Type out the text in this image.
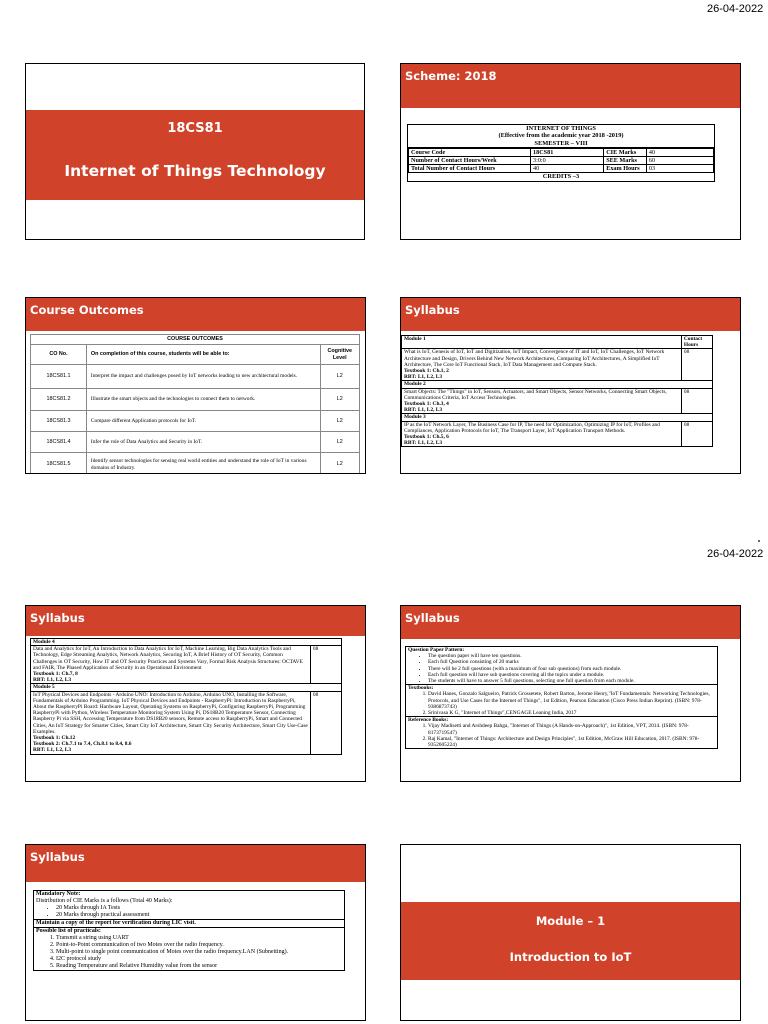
26-04-2022
26-04-2022
18CS81
Internet of Things Technology
Scheme: 2018
INTERNET OF THINGS
(Effective from the academic year 2018 -2019)
SEMESTER – VIII
Course Code	18CS81	CIE Marks	40
Number of Contact Hours/Week	3:0:0	SEE Marks	60
Total Number of Contact Hours	40	Exam Hours	03
CREDITS –3
Course Outcomes
COURSE OUTCOMES		
CO No.	On completion of this course, students will be able to:	Cognitive Level
18CS81.1	Interpret the impact and challenges posed by IoT networks leading to new architectural models.	L2
18CS81.2	Illustrate the smart objects and the technologies to connect them to network.	L2
18CS81.3	Compare different Application protocols for IoT.	L2
18CS81.4	Infer the role of Data Analytics and Security in IoT.	L2
18CS81.5	Identify sensor technologies for sensing real world entities and understand the role of IoT in various domains of Industry.	L2
Syllabus
Module 1	Contact Hours
What is IoT, Genesis of IoT, IoT and Digitization, IoT Impact, Convergence of IT and IoT, IoT Challenges, IoT Network Architecture and Design, Drivers Behind New Network Architectures, Comparing IoT Architectures, A Simplified IoT Architecture, The Core IoT Functional Stack, IoT Data Management and Compute Stack.
Textbook 1: Ch.1, 2
RBT: L1, L2, L3	08
Module 2	
Smart Objects: The "Things" in IoT, Sensors, Actuators, and Smart Objects, Sensor Networks, Connecting Smart Objects, Communications Criteria, IoT Access Technologies.
Textbook 1: Ch.3, 4
RBT: L1, L2, L3	08
Module 3	
IP as the IoT Network Layer, The Business Case for IP, The need for Optimization, Optimizing IP for IoT, Profiles and Compliances, Application Protocols for IoT, The Transport Layer, IoT Application Transport Methods.
Textbook 1: Ch.5, 6
RBT: L1, L2, L3	08
Syllabus
Module 4	
Data and Analytics for IoT, An Introduction to Data Analytics for IoT, Machine Learning, Big Data Analytics Tools and Technology, Edge Streaming Analytics, Network Analytics, Securing IoT, A Brief History of OT Security, Common Challenges in OT Security, How IT and OT Security Practices and Systems Vary, Formal Risk Analysis Structures: OCTAVE and FAIR, The Phased Application of Security in an Operational Environment
Textbook 1: Ch.7, 8
RBT: L1, L2, L3	08
Module 5	
IoT Physical Devices and Endpoints - Arduino UNO: Introduction to Arduino, Arduino UNO, Installing the Software, Fundamentals of Arduino Programming. IoT Physical Devices and Endpoints - RaspberryPi: Introduction to RaspberryPi, About the RaspberryPi Board: Hardware Layout, Operating Systems on RaspberryPi, Configuring RaspberryPi, Programming RaspberryPi with Python, Wireless Temperature Monitoring System Using Pi, DS18B20 Temperature Sensor, Connecting Raspberry Pi via SSH, Accessing Temperature from DS18B20 sensors, Remote access to RaspberryPi, Smart and Connected Cities, An IoT Strategy for Smarter Cities, Smart City IoT Architecture, Smart City Security Architecture, Smart City Use-Case Examples.
Textbook 1: Ch.12
Textbook 2: Ch.7.1 to 7.4, Ch.8.1 to 8.4, 8.6
RBT: L1, L2, L3	08
Syllabus
Question Paper Pattern:
• The question paper will have ten questions.
• Each full Question consisting of 20 marks
• There will be 2 full questions (with a maximum of four sub questions) from each module.
• Each full question will have sub questions covering all the topics under a module.
• The students will have to answer 5 full questions, selecting one full question from each module.
Textbooks:
1. David Hanes, Gonzalo Salgueiro, Patrick Grossetete, Robert Barton, Jerome Henry,"IoT Fundamentals: Networking Technologies, Protocols, and Use Cases for the Internet of Things", 1st Edition, Pearson Education (Cisco Press Indian Reprint). (ISBN: 978-9386873743)
2. Srinivasa K G, "Internet of Things",CENGAGE Leaning India, 2017
Reference Books:
1. Vijay Madisetti and Arshdeep Bahga, "Internet of Things (A Hands-on-Approach)", 1st Edition, VPT, 2014. (ISBN: 978-8173719547)
2. Raj Kamal, "Internet of Things: Architecture and Design Principles", 1st Edition, McGraw Hill Education, 2017. (ISBN: 978-9352605224)
Syllabus
Mandatory Note:
Distribution of CIE Marks is a follows (Total 40 Marks):
• 20 Marks through IA Tests
• 20 Marks through practical assessment
Maintain a copy of the report for verification during LIC visit.
Possible list of practicals:
1. Transmit a string using UART
2. Point-to-Point communication of two Motes over the radio frequency.
3. Multi-point to single point communication of Motes over the radio frequency.LAN (Subnetting).
4. I2C protocol study
5. Reading Temperature and Relative Humidity value from the sensor
Module – 1
Introduction to IoT
